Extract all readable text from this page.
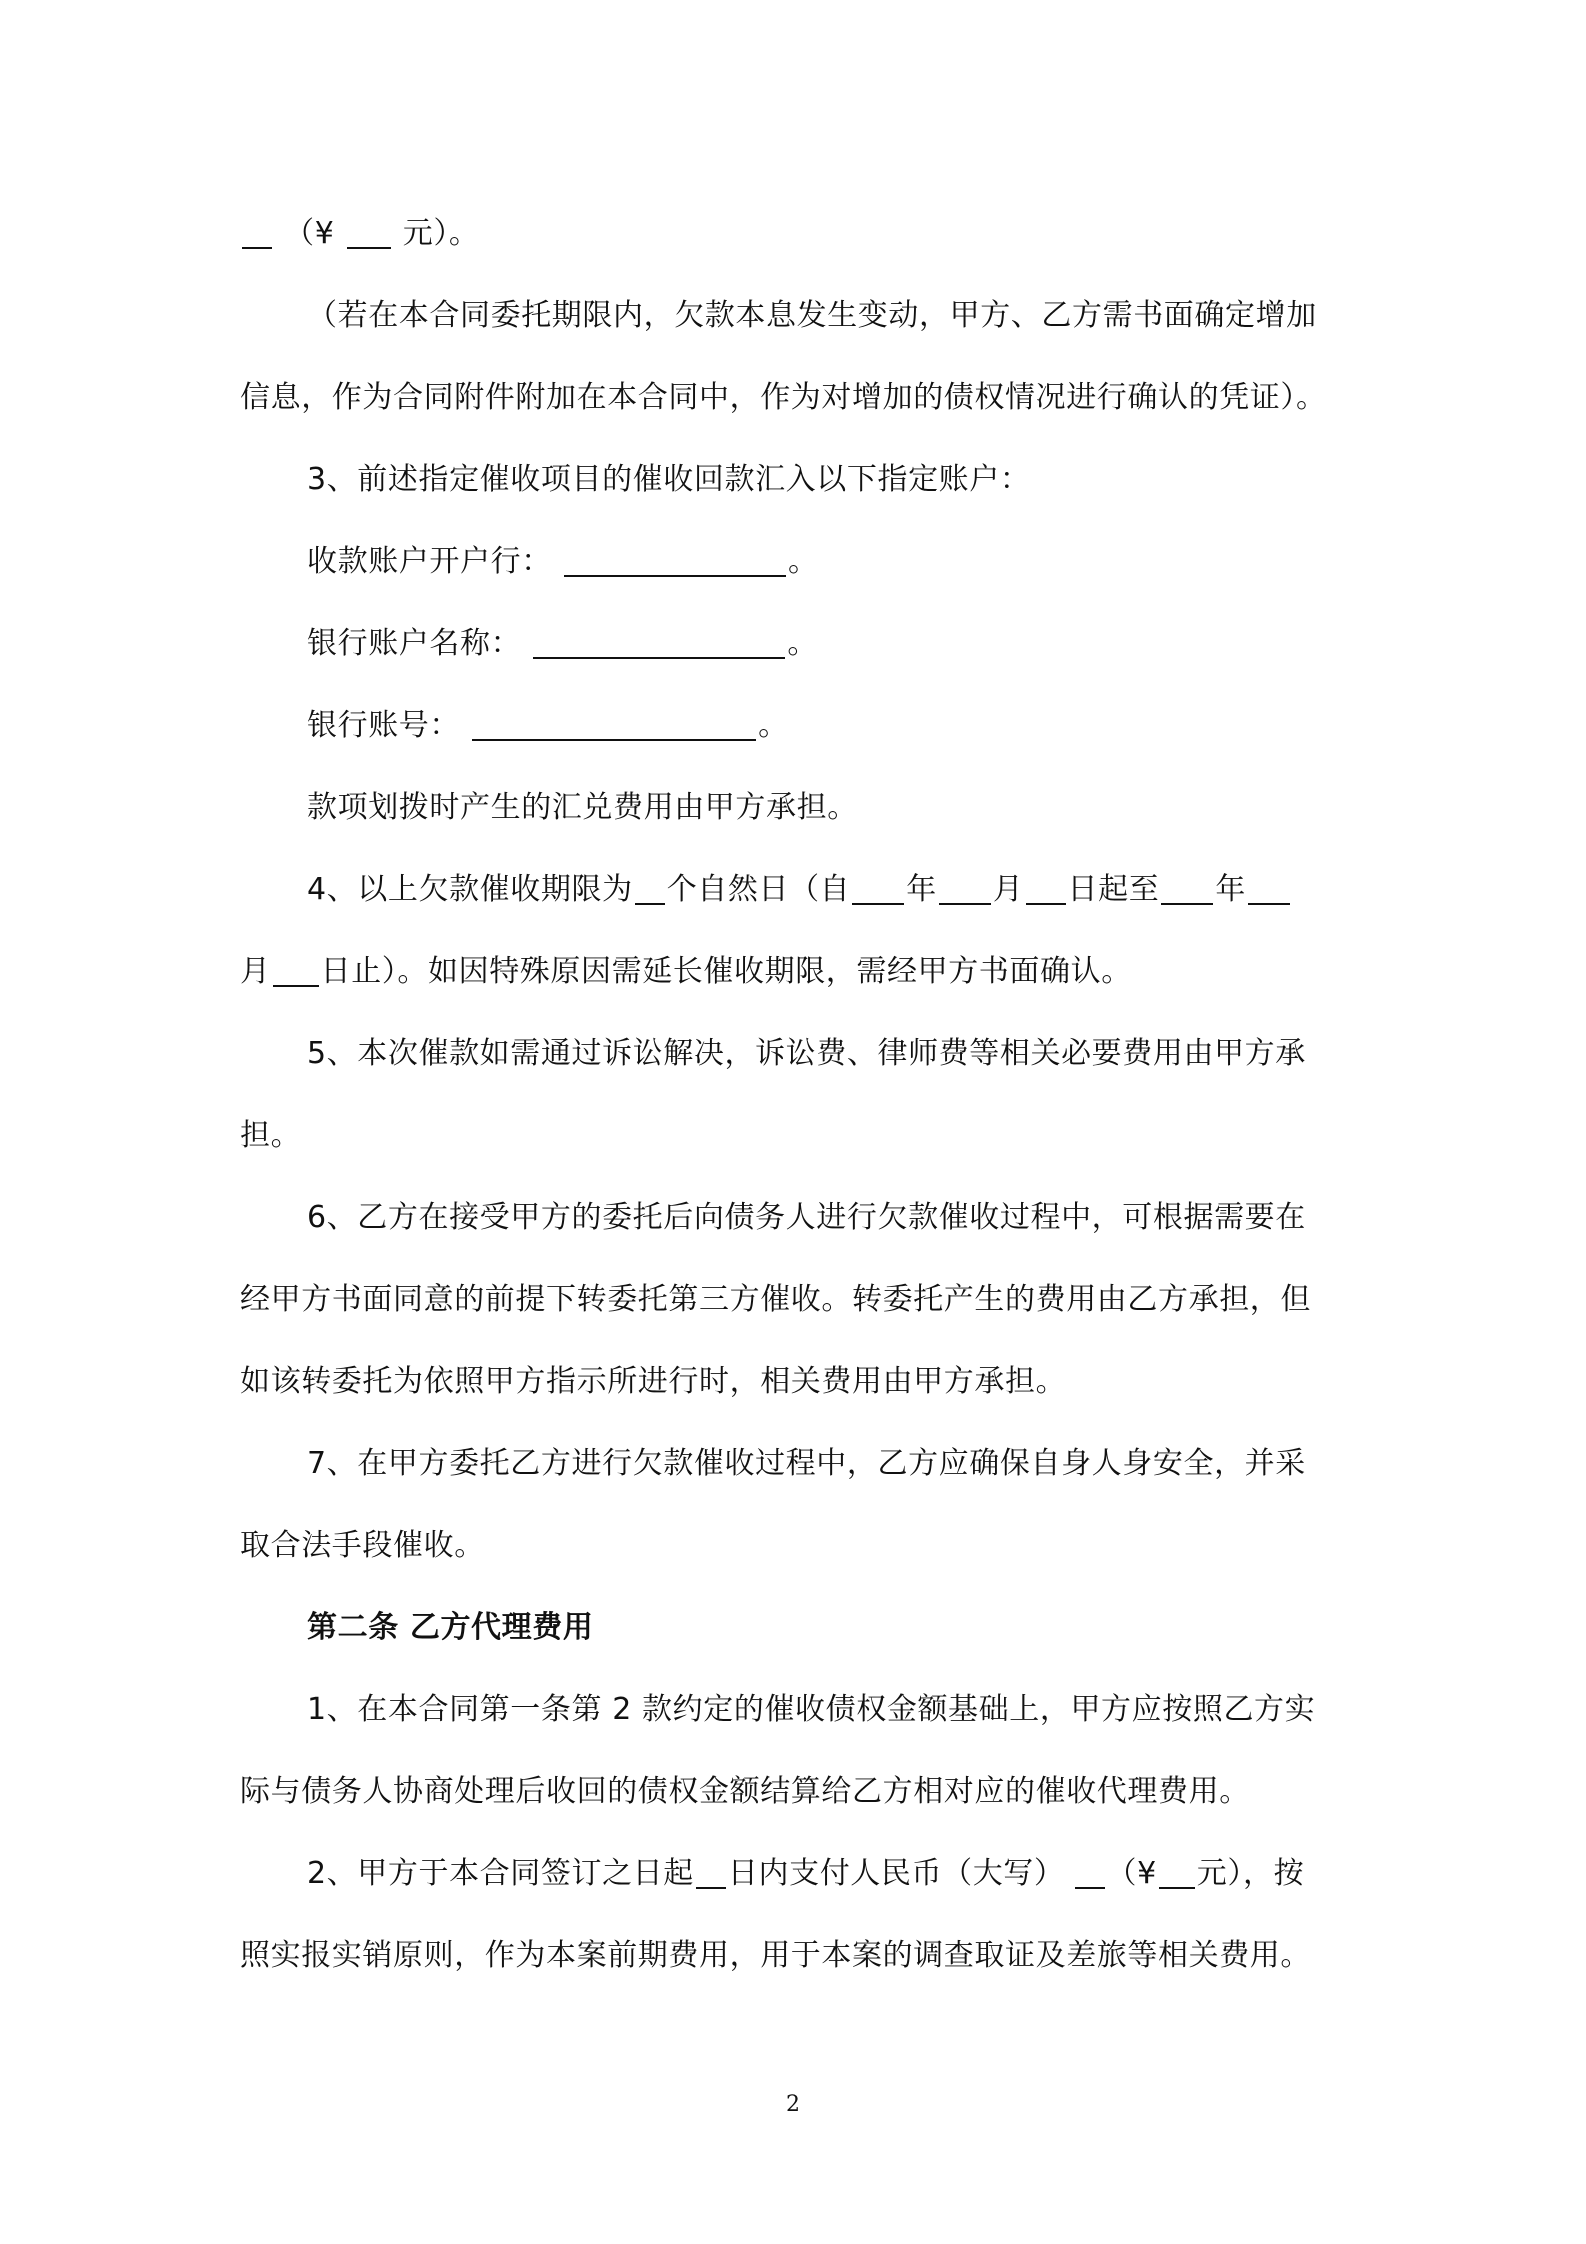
（¥ 元）。
（若在本合同委托期限内，欠款本息发生变动，甲方、乙方需书面确定增加
信息，作为合同附件附加在本合同中，作为对增加的债权情况进行确认的凭证）。
3、前述指定催收项目的催收回款汇入以下指定账户：
收款账户开户行：	。
银行账户名称：	。
银行账号：	。
款项划拨时产生的汇兑费用由甲方承担。
4、以上欠款催收期限为 个自然日（自 年 月 日起至 年
月 日止）。如因特殊原因需延长催收期限，需经甲方书面确认。
5、本次催款如需通过诉讼解决，诉讼费、律师费等相关必要费用由甲方承
担。
6、乙方在接受甲方的委托后向债务人进行欠款催收过程中，可根据需要在
经甲方书面同意的前提下转委托第三方催收。转委托产生的费用由乙方承担，但
如该转委托为依照甲方指示所进行时，相关费用由甲方承担。
7、在甲方委托乙方进行欠款催收过程中，乙方应确保自身人身安全，并采
取合法手段催收。
第二条 乙方代理费用
1、在本合同第一条第 2 款约定的催收债权金额基础上，甲方应按照乙方实
际与债务人协商处理后收回的债权金额结算给乙方相对应的催收代理费用。
2、甲方于本合同签订之日起 日内支付人民币（大写） （¥ 元），按
照实报实销原则，作为本案前期费用，用于本案的调查取证及差旅等相关费用。
2
